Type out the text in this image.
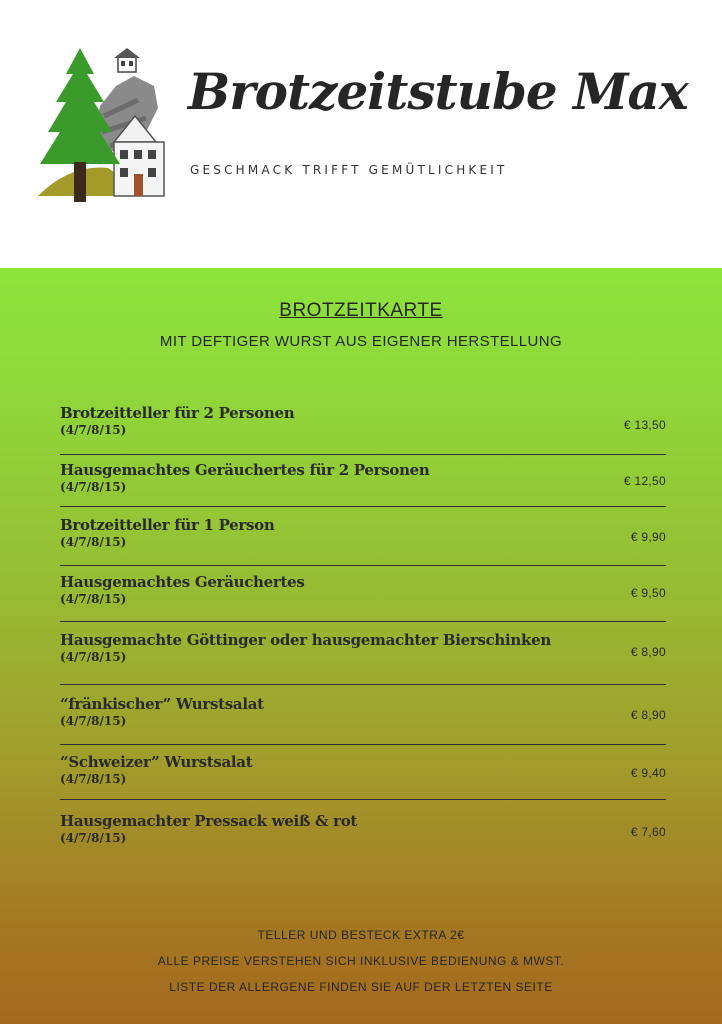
Brotzeitstube Max
GESCHMACK TRIFFT GEMÜTLICHKEIT
BROTZEITKARTE
MIT DEFTIGER WURST AUS EIGENER HERSTELLUNG
Brotzeitteller für 2 Personen
(4/7/8/15)	€ 13,50
Hausgemachtes Geräuchertes für 2 Personen
(4/7/8/15)	€ 12,50
Brotzeitteller für 1 Person
(4/7/8/15)	€ 9,90
Hausgemachtes Geräuchertes
(4/7/8/15)	€ 9,50
Hausgemachte Göttinger oder hausgemachter Bierschinken
(4/7/8/15)	€ 8,90
“fränkischer” Wurstsalat
(4/7/8/15)	€ 8,90
“Schweizer” Wurstsalat
(4/7/8/15)	€ 9,40
Hausgemachter Pressack weiß & rot
(4/7/8/15)	€ 7,60
TELLER UND BESTECK EXTRA 2€
ALLE PREISE VERSTEHEN SICH INKLUSIVE BEDIENUNG & MWST.
LISTE DER ALLERGENE FINDEN SIE AUF DER LETZTEN SEITE
